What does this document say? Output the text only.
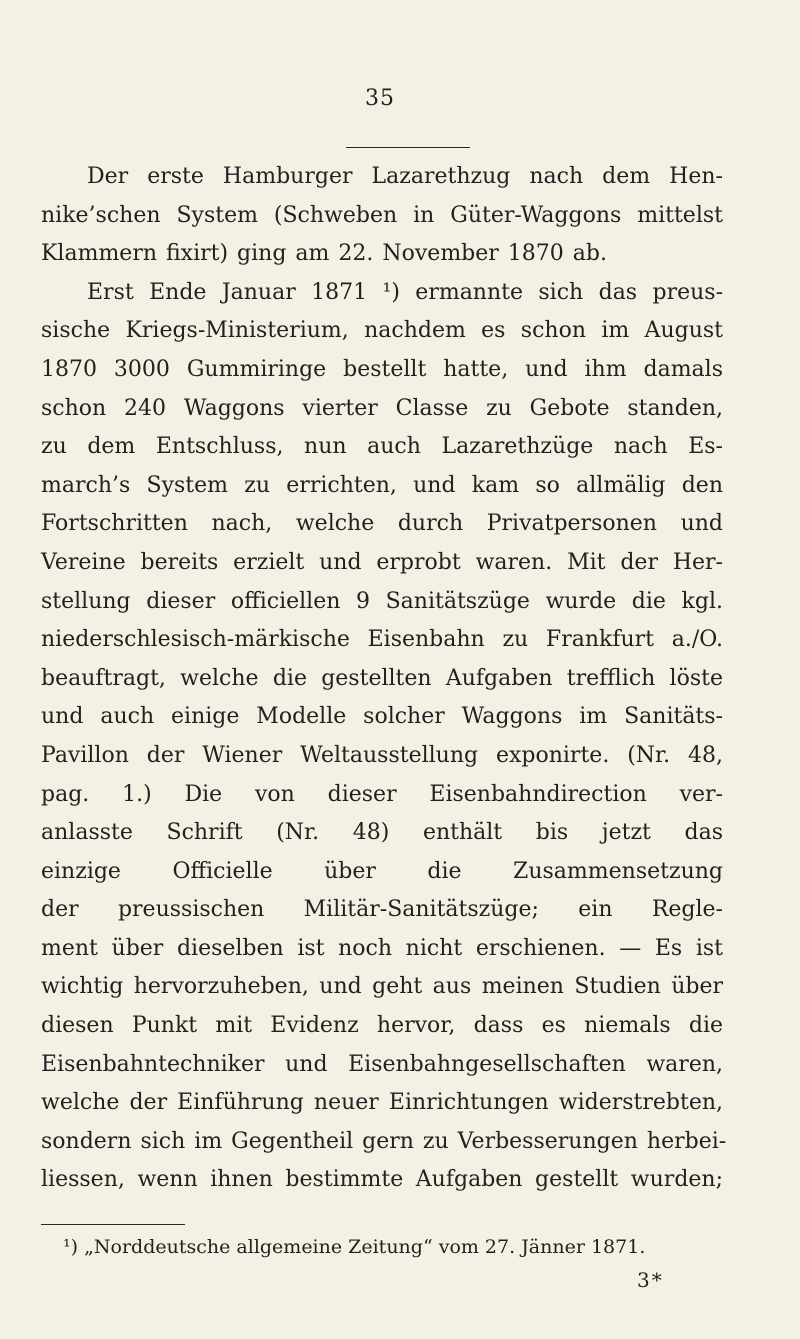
35
Der erste Hamburger Lazarethzug nach dem Hen-
nike’schen System (Schweben in Güter-Waggons mittelst
Klammern fixirt) ging am 22. November 1870 ab.
Erst Ende Januar 1871 ¹) ermannte sich das preus-
sische Kriegs-Ministerium, nachdem es schon im August
1870 3000 Gummiringe bestellt hatte, und ihm damals
schon 240 Waggons vierter Classe zu Gebote standen,
zu dem Entschluss, nun auch Lazarethzüge nach Es-
march’s System zu errichten, und kam so allmälig den
Fortschritten nach, welche durch Privatpersonen und
Vereine bereits erzielt und erprobt waren. Mit der Her-
stellung dieser officiellen 9 Sanitätszüge wurde die kgl.
niederschlesisch-märkische Eisenbahn zu Frankfurt a./O.
beauftragt, welche die gestellten Aufgaben trefflich löste
und auch einige Modelle solcher Waggons im Sanitäts-
Pavillon der Wiener Weltausstellung exponirte. (Nr. 48,
pag. 1.) Die von dieser Eisenbahndirection ver-
anlasste Schrift (Nr. 48) enthält bis jetzt das
einzige Officielle über die Zusammensetzung
der preussischen Militär-Sanitätszüge; ein Regle-
ment über dieselben ist noch nicht erschienen. — Es ist
wichtig hervorzuheben, und geht aus meinen Studien über
diesen Punkt mit Evidenz hervor, dass es niemals die
Eisenbahntechniker und Eisenbahngesellschaften waren,
welche der Einführung neuer Einrichtungen widerstrebten,
sondern sich im Gegentheil gern zu Verbesserungen herbei-
liessen, wenn ihnen bestimmte Aufgaben gestellt wurden;
¹) „Norddeutsche allgemeine Zeitung“ vom 27. Jänner 1871.
3*
